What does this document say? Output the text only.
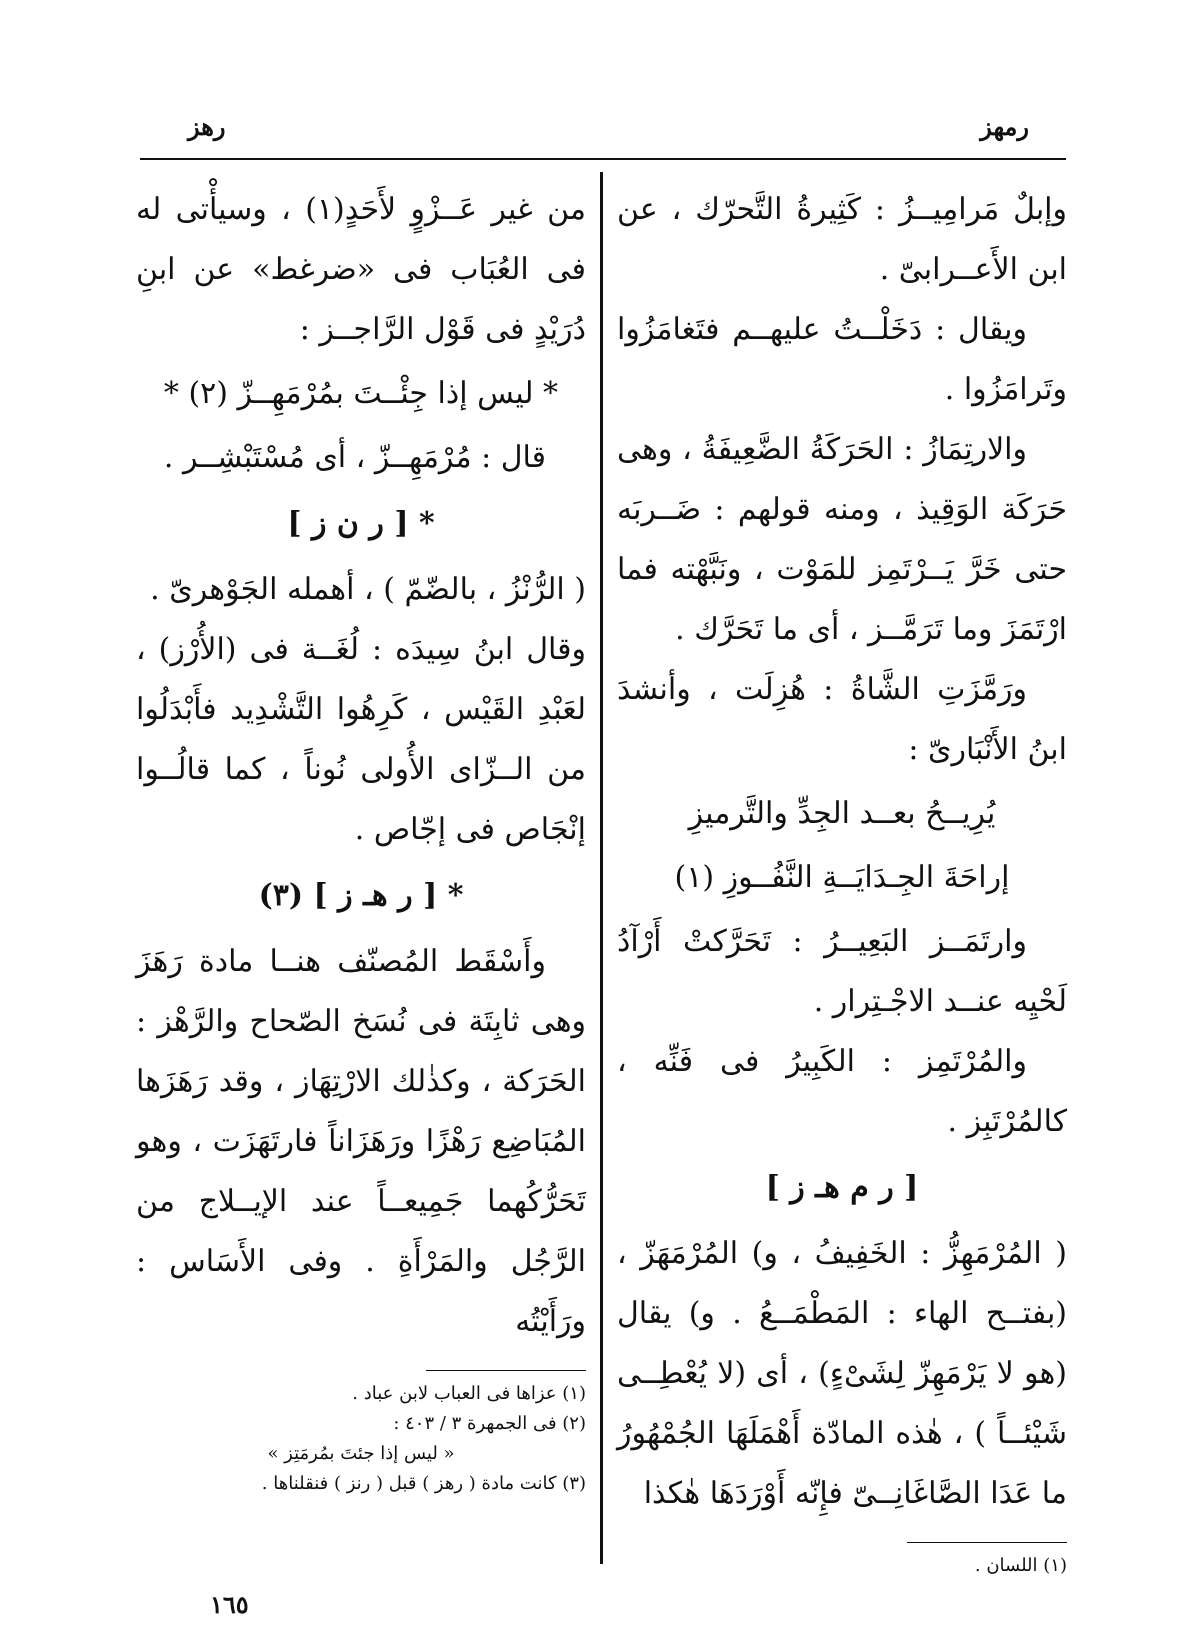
رمهز
رهز

وإبلٌ مَرامِيــزُ : كَثِيرةُ التَّحرّك ، عن ابن الأَعــرابىّ .

ويقال : دَخَلْــتُ عليهــم فتَغامَزُوا وتَرامَزُوا .

والارتِمَازُ : الحَرَكَةُ الضَّعِيفَةُ ، وهى حَرَكَة الوَقِيذ ، ومنه قولهم : ضَــربَه حتى خَرَّ يَــرْتَمِز للمَوْت ، ونَبَّهْته فما ارْتَمَزَ وما تَرَمَّــز ، أى ما تَحَرَّك .

ورَمَّزَتِ الشَّاةُ : هُزِلَت ، وأنشدَ ابنُ الأَنْبَارىّ :

يُرِيــحُ بعــد الجِدِّ والتَّرميزِ
إراحَةَ الجِـدَايَــةِ النَّفُــوزِ (١)

وارتَمَــز البَعِيــرُ : تَحَرَّكتْ أَرْآدُ لَحْيِه عنــد الاجْـتِرار .

والمُرْتَمِز : الكَبِيرُ فى فَنِّه ، كالمُرْتَبِز .

[ ر م هـ ز ]

( المُرْمَهِزُّ : الخَفِيفُ ، و) المُرْمَهَزّ ، (بفتــح الهاء : المَطْمَــعُ . و) يقال (هو لا يَرْمَهِزّ لِشَىْءٍ) ، أى (لا يُعْطِــى شَيْئــاً ) ، هٰذه المادّة أَهْمَلَهَا الجُمْهُورُ ما عَدَا الصَّاغَانِــىّ فإِنّه أَوْرَدَهَا هٰكذا

(١) اللسان .

من غير عَــزْوٍ لأَحَدٍ(١) ، وسيأْتى له فى العُبَاب فى «ضرغط» عن ابنِ دُرَيْدٍ فى قَوْل الرَّاجــز :

* ليس إذا جِئْــتَ بمُرْمَهِــزّ (٢) *

قال : مُرْمَهِــزّ ، أى مُسْتَبْشِــر .

* [ ر ن ز ]

( الرُّنْزُ ، بالضّمّ ) ، أهمله الجَوْهرىّ .

وقال ابنُ سِيدَه : لُغَــة فى (الأُرْز) ، لعَبْدِ القَيْس ، كَرِهُوا التَّشْدِيد فأَبْدَلُوا من الــزّاى الأُولى نُوناً ، كما قالُــوا إنْجَاص فى إجّاص .

* [ ر هـ ز ] (٣)

وأَسْقَط المُصنّف هنــا مادة رَهَزَ وهى ثابِتَة فى نُسَخ الصّحاح والرَّهْز : الحَرَكة ، وكذٰلك الارْتِهَاز ، وقد رَهَزَها المُبَاضِع رَهْزًا ورَهَزَاناً فارتَهَزَت ، وهو تَحَرُّكُهما جَمِيعــاً عند الإيــلاج من الرَّجُل والمَرْأَةِ . وفى الأَسَاس : ورَأَيْتُه

(١) عزاها فى العباب لابن عباد .

(٢) فى الجمهرة ٣ / ٤٠٣ :

« ليس إذا جئتَ بمُرمَتِز »

(٣) كانت مادة ( رهز ) قبل ( رنز ) فنقلناها .

١٦٥
